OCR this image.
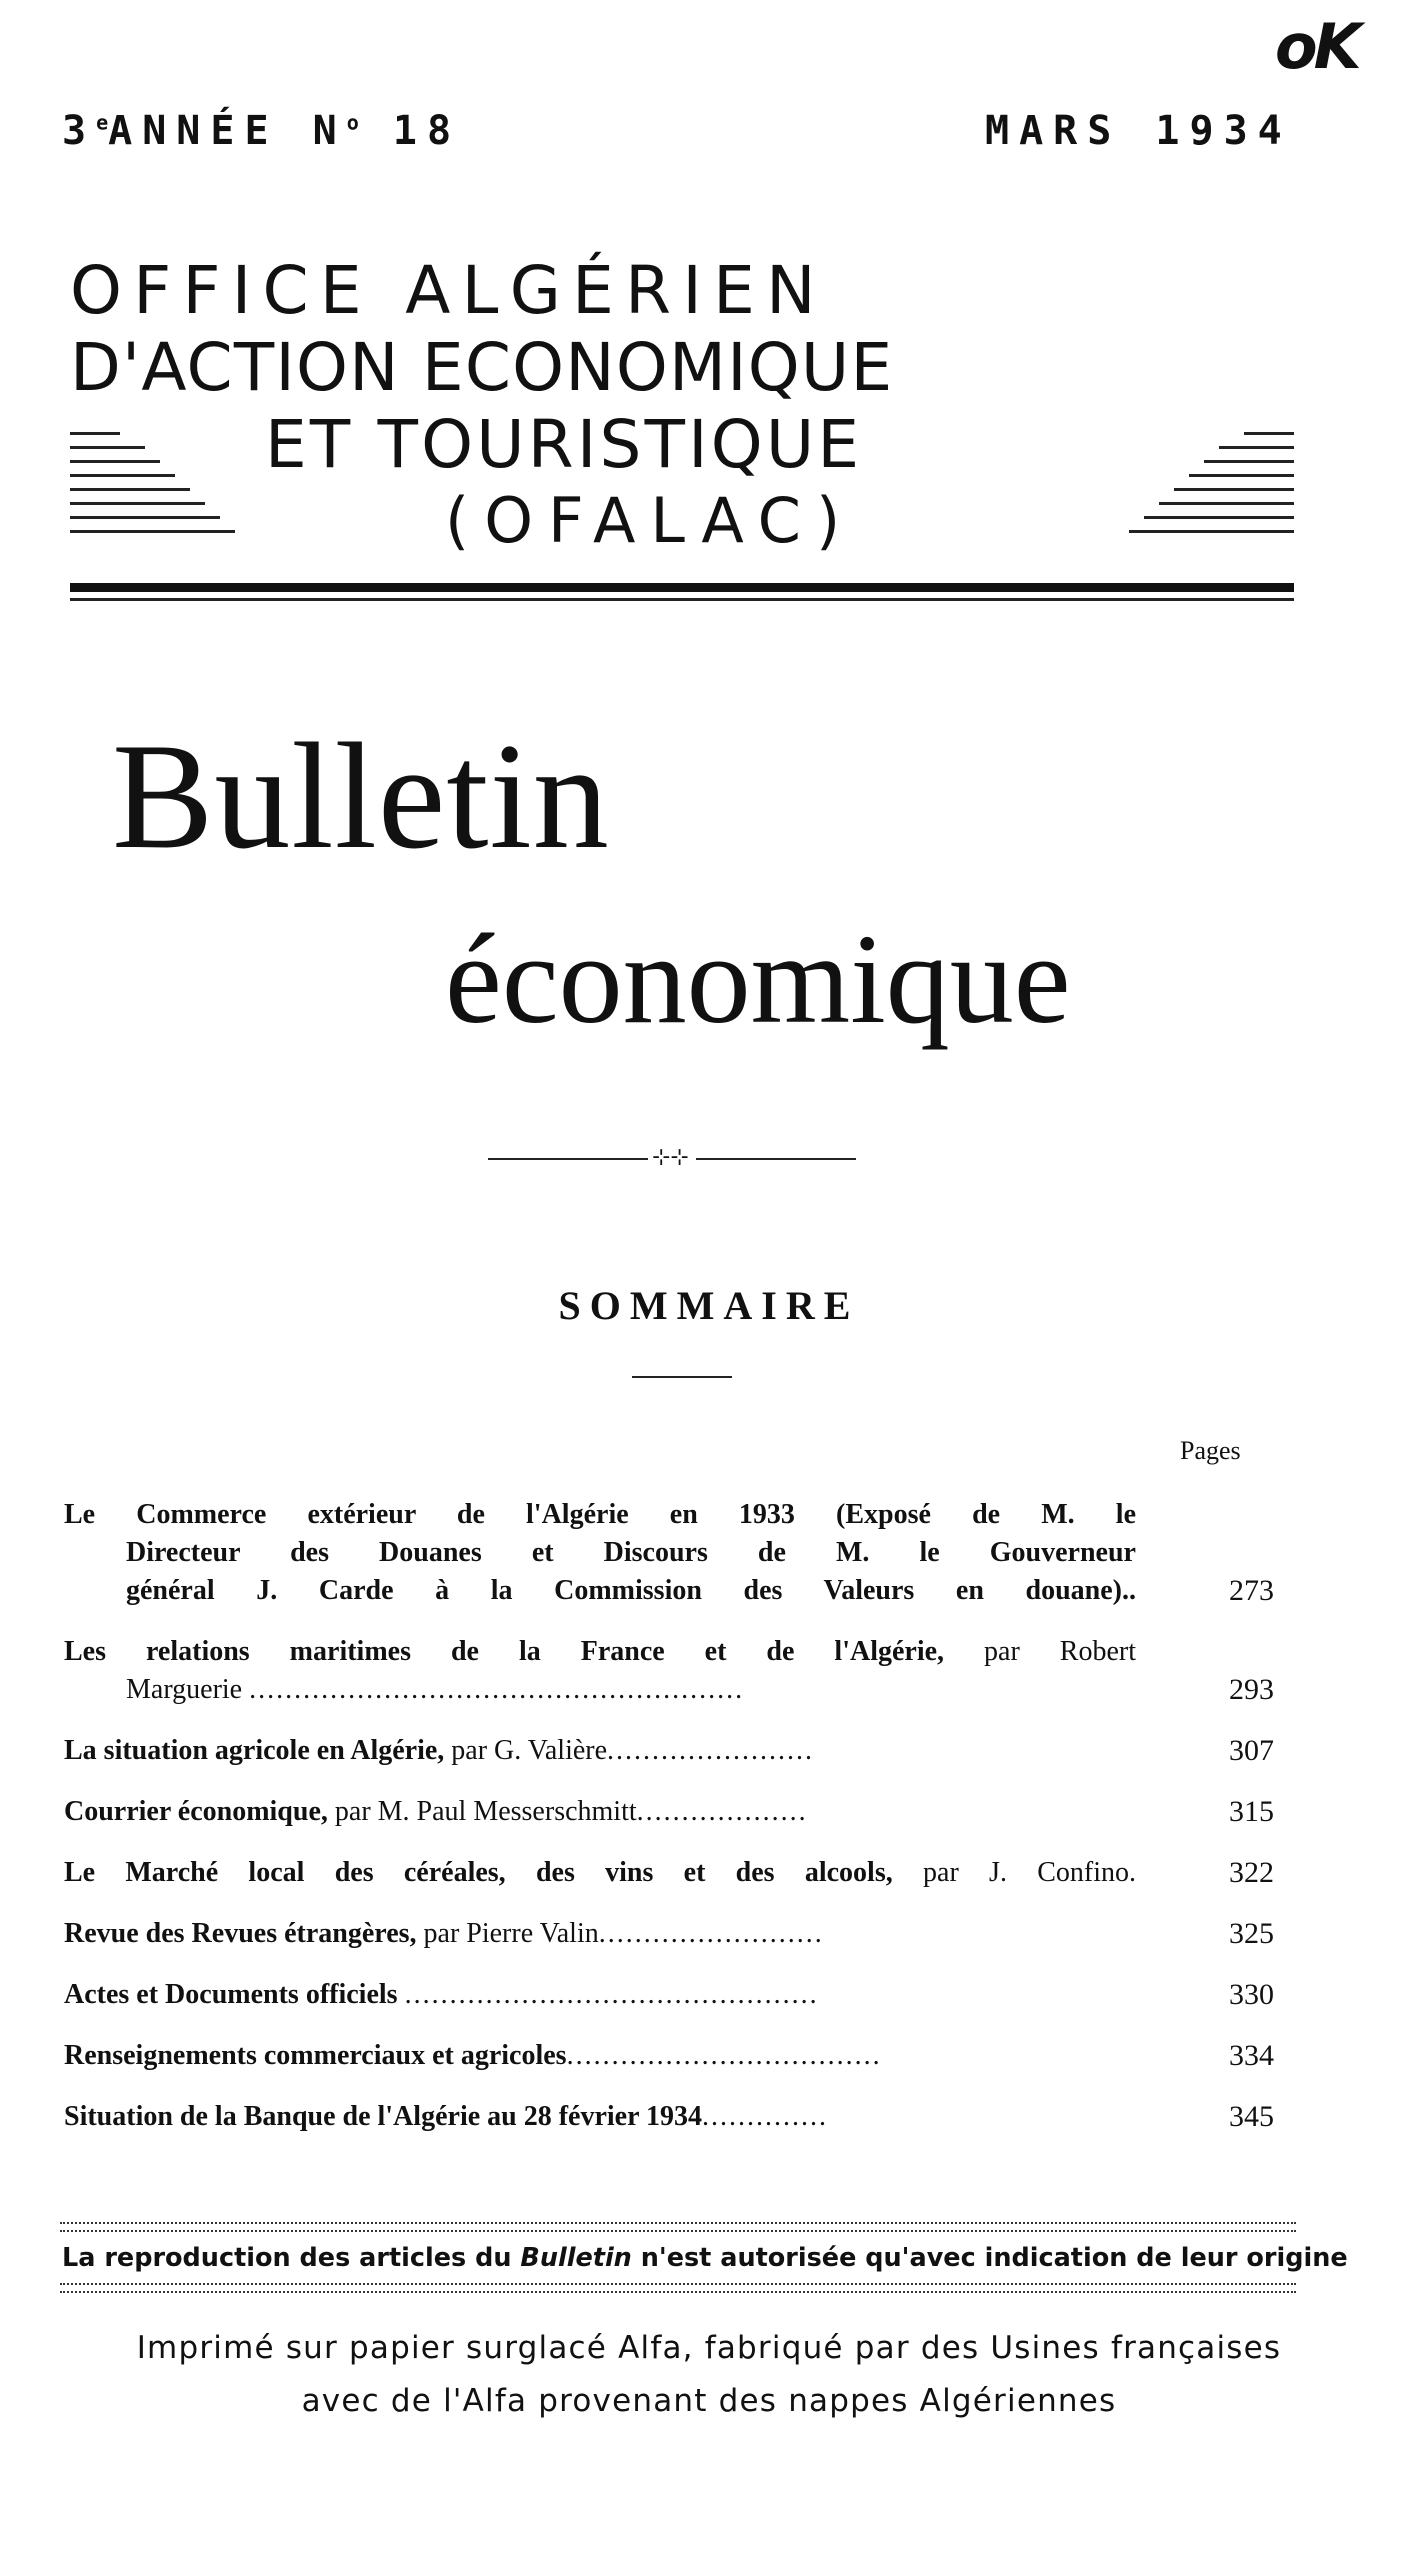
oK
3eANNÉE $N^o$ 18	MARS 1934
OFFICE ALGÉRIEN
D'ACTION ECONOMIQUE
ET TOURISTIQUE
(OFALAC)
Bulletin
économique
⊹⊹
SOMMAIRE
Pages
Le Commerce extérieur de l'Algérie en 1933 (Exposé de M. le
Directeur des Douanes et Discours de M. le Gouverneur
général J. Carde à la Commission des Valeurs en douane)..	273
Les relations maritimes de la France et de l'Algérie, par Robert
Marguerie .......................................................	293
La situation agricole en Algérie, par G. Valière.......................	307
Courrier économique, par M. Paul Messerschmitt...................	315
Le Marché local des céréales, des vins et des alcools, par J. Confino.	322
Revue des Revues étrangères, par Pierre Valin.........................	325
Actes et Documents officiels ..............................................	330
Renseignements commerciaux et agricoles...................................	334
Situation de la Banque de l'Algérie au 28 février 1934..............	345
La reproduction des articles du Bulletin n'est autorisée qu'avec indication de leur origine
Imprimé sur papier surglacé Alfa, fabriqué par des Usines françaises
avec de l'Alfa provenant des nappes Algériennes
